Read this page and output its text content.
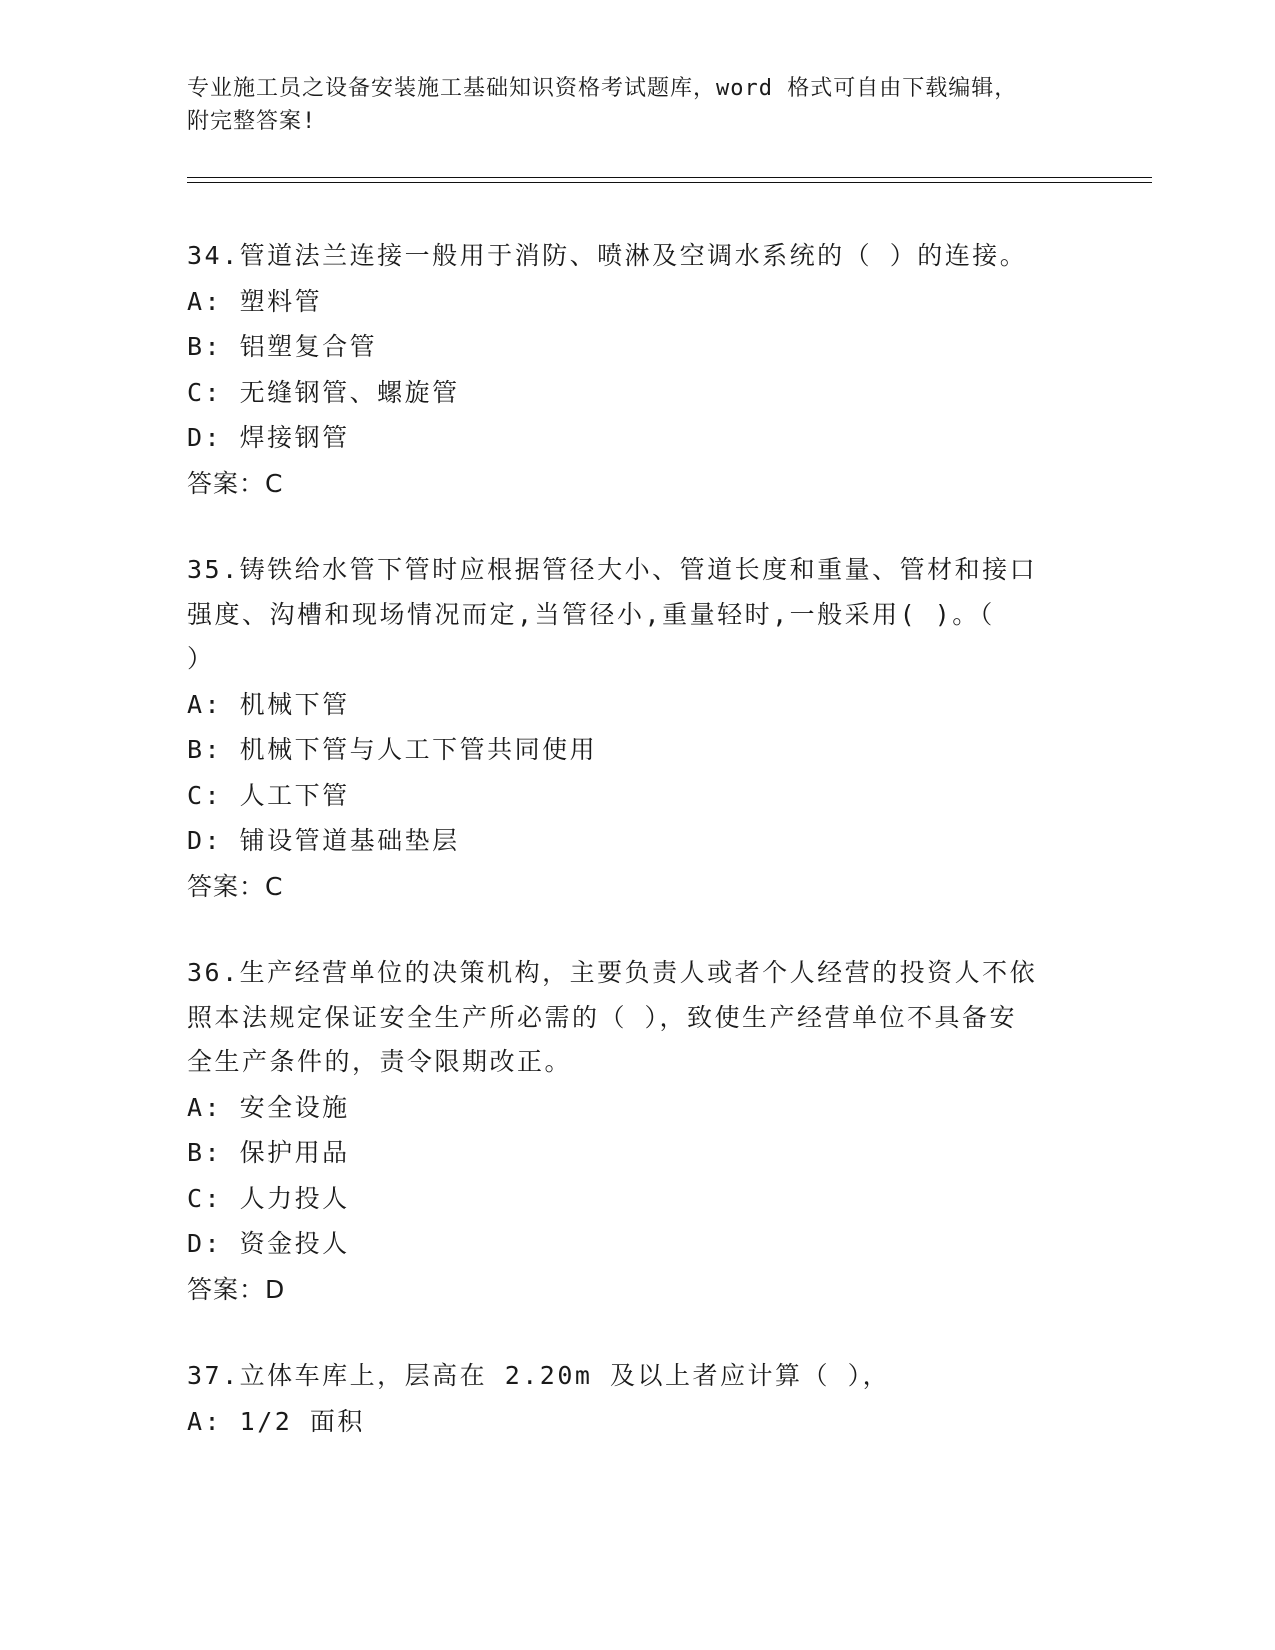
专业施工员之设备安装施工基础知识资格考试题库，word 格式可自由下载编辑，
附完整答案!

34.管道法兰连接一般用于消防、喷淋及空调水系统的（ ）的连接。

A: 塑料管

B: 铝塑复合管

C: 无缝钢管、螺旋管

D: 焊接钢管

答案：C

35.铸铁给水管下管时应根据管径大小、管道长度和重量、管材和接口

强度、沟槽和现场情况而定,当管径小,重量轻时,一般采用( )。（

）

A: 机械下管

B: 机械下管与人工下管共同使用

C: 人工下管

D: 铺设管道基础垫层

答案：C

36.生产经营单位的决策机构，主要负责人或者个人经营的投资人不依

照本法规定保证安全生产所必需的（ ），致使生产经营单位不具备安

全生产条件的，责令限期改正。

A: 安全设施

B: 保护用品

C: 人力投人

D: 资金投人

答案：D

37.立体车库上，层高在 2.20m 及以上者应计算（ ），

A: 1/2 面积
